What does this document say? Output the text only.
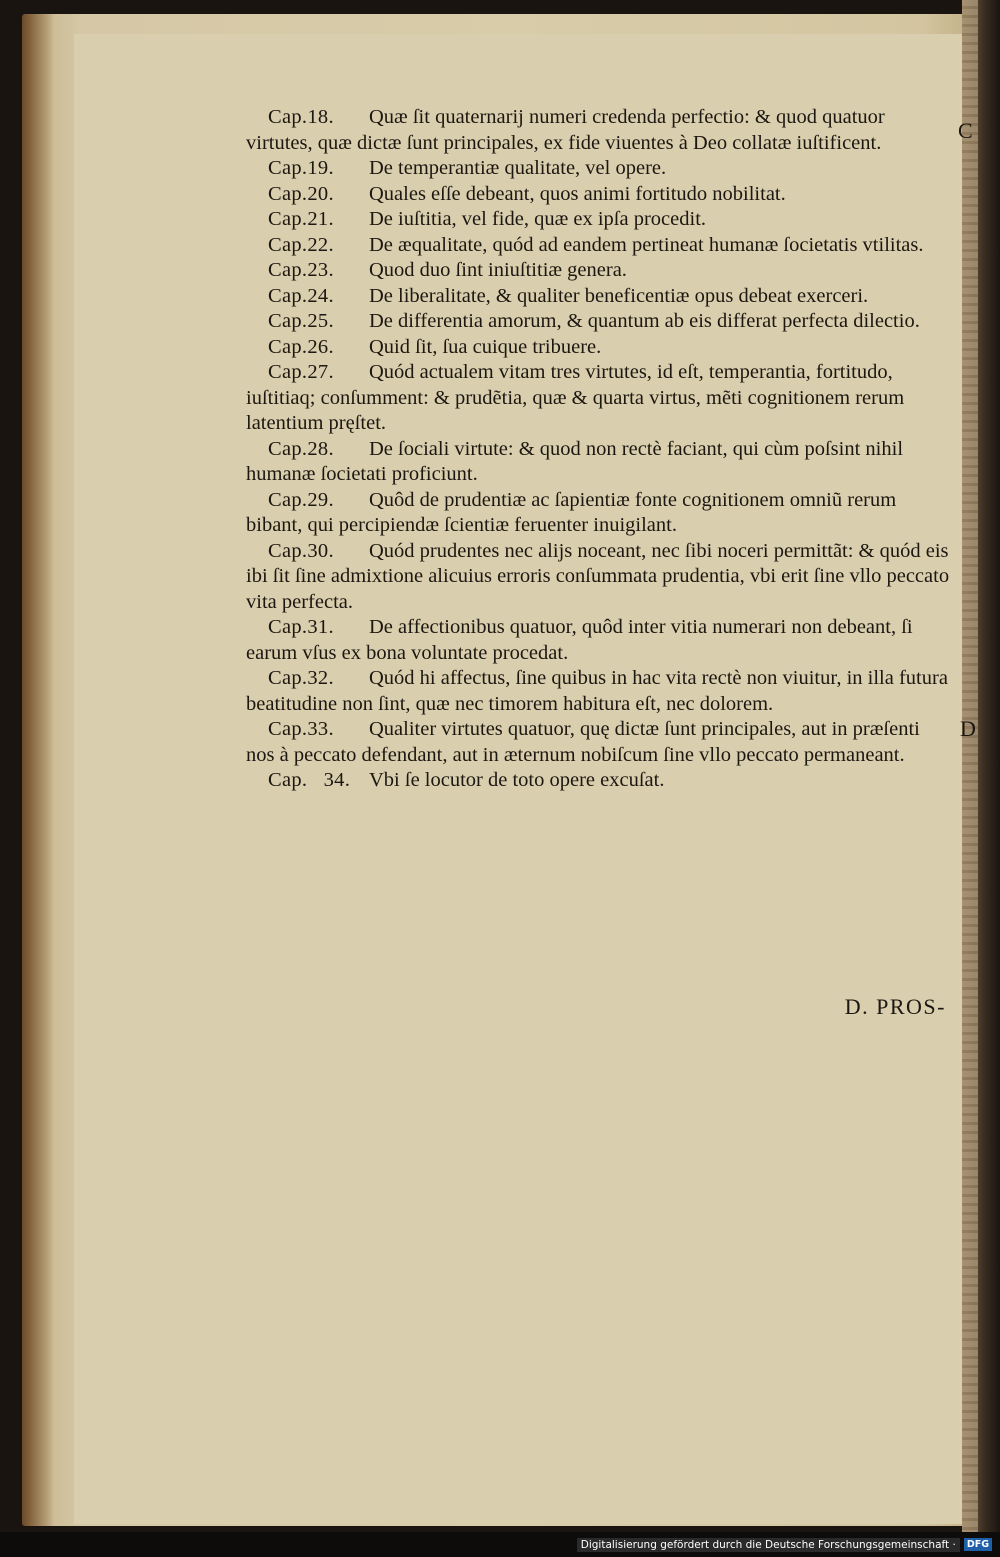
Cap.18. Quæ ſit quaternarij numeri credenda perfectio: & quod quatuor virtutes, quæ dictæ ſunt principales, ex fide viuentes à Deo collatæ iuſtificent.

Cap.19. De temperantiæ qualitate, vel opere.

Cap.20. Quales eſſe debeant, quos animi fortitudo nobilitat.

Cap.21. De iuſtitia, vel fide, quæ ex ipſa procedit.

Cap.22. De æqualitate, quód ad eandem pertineat humanæ ſocietatis vtilitas.

Cap.23. Quod duo ſint iniuſtitiæ genera.

Cap.24. De liberalitate, & qualiter beneficentiæ opus debeat exerceri.

Cap.25. De differentia amorum, & quantum ab eis differat perfecta dilectio.

Cap.26. Quid ſit, ſua cuique tribuere.

Cap.27. Quód actualem vitam tres virtutes, id eſt, temperantia, fortitudo, iuſtitiaq; conſumment: & prudẽtia, quæ & quarta virtus, mẽti cognitionem rerum latentium pręſtet.

Cap.28. De ſociali virtute: & quod non rectè faciant, qui cùm poſsint nihil humanæ ſocietati proficiunt.

Cap.29. Quôd de prudentiæ ac ſapientiæ fonte cognitionem omniũ rerum bibant, qui percipiendæ ſcientiæ feruenter inuigilant.

Cap.30. Quód prudentes nec alijs noceant, nec ſibi noceri permittãt: & quód eis ibi ſit ſine admixtione alicuius erroris conſummata prudentia, vbi erit ſine vllo peccato vita perfecta.

Cap.31. De affectionibus quatuor, quôd inter vitia numerari non debeant, ſi earum vſus ex bona voluntate procedat.

Cap.32. Quód hi affectus, ſine quibus in hac vita rectè non viuitur, in illa futura beatitudine non ſint, quæ nec timorem habitura eſt, nec dolorem.

Cap.33. Qualiter virtutes quatuor, quę dictæ ſunt principales, aut in præſenti nos à peccato defendant, aut in æternum nobiſcum ſine vllo peccato permaneant.

Cap.   34. Vbi ſe locutor de toto opere excuſat.

C
D
D. PROS-
Digitalisierung gefördert durch die Deutsche Forschungsgemeinschaft ·	DFG
